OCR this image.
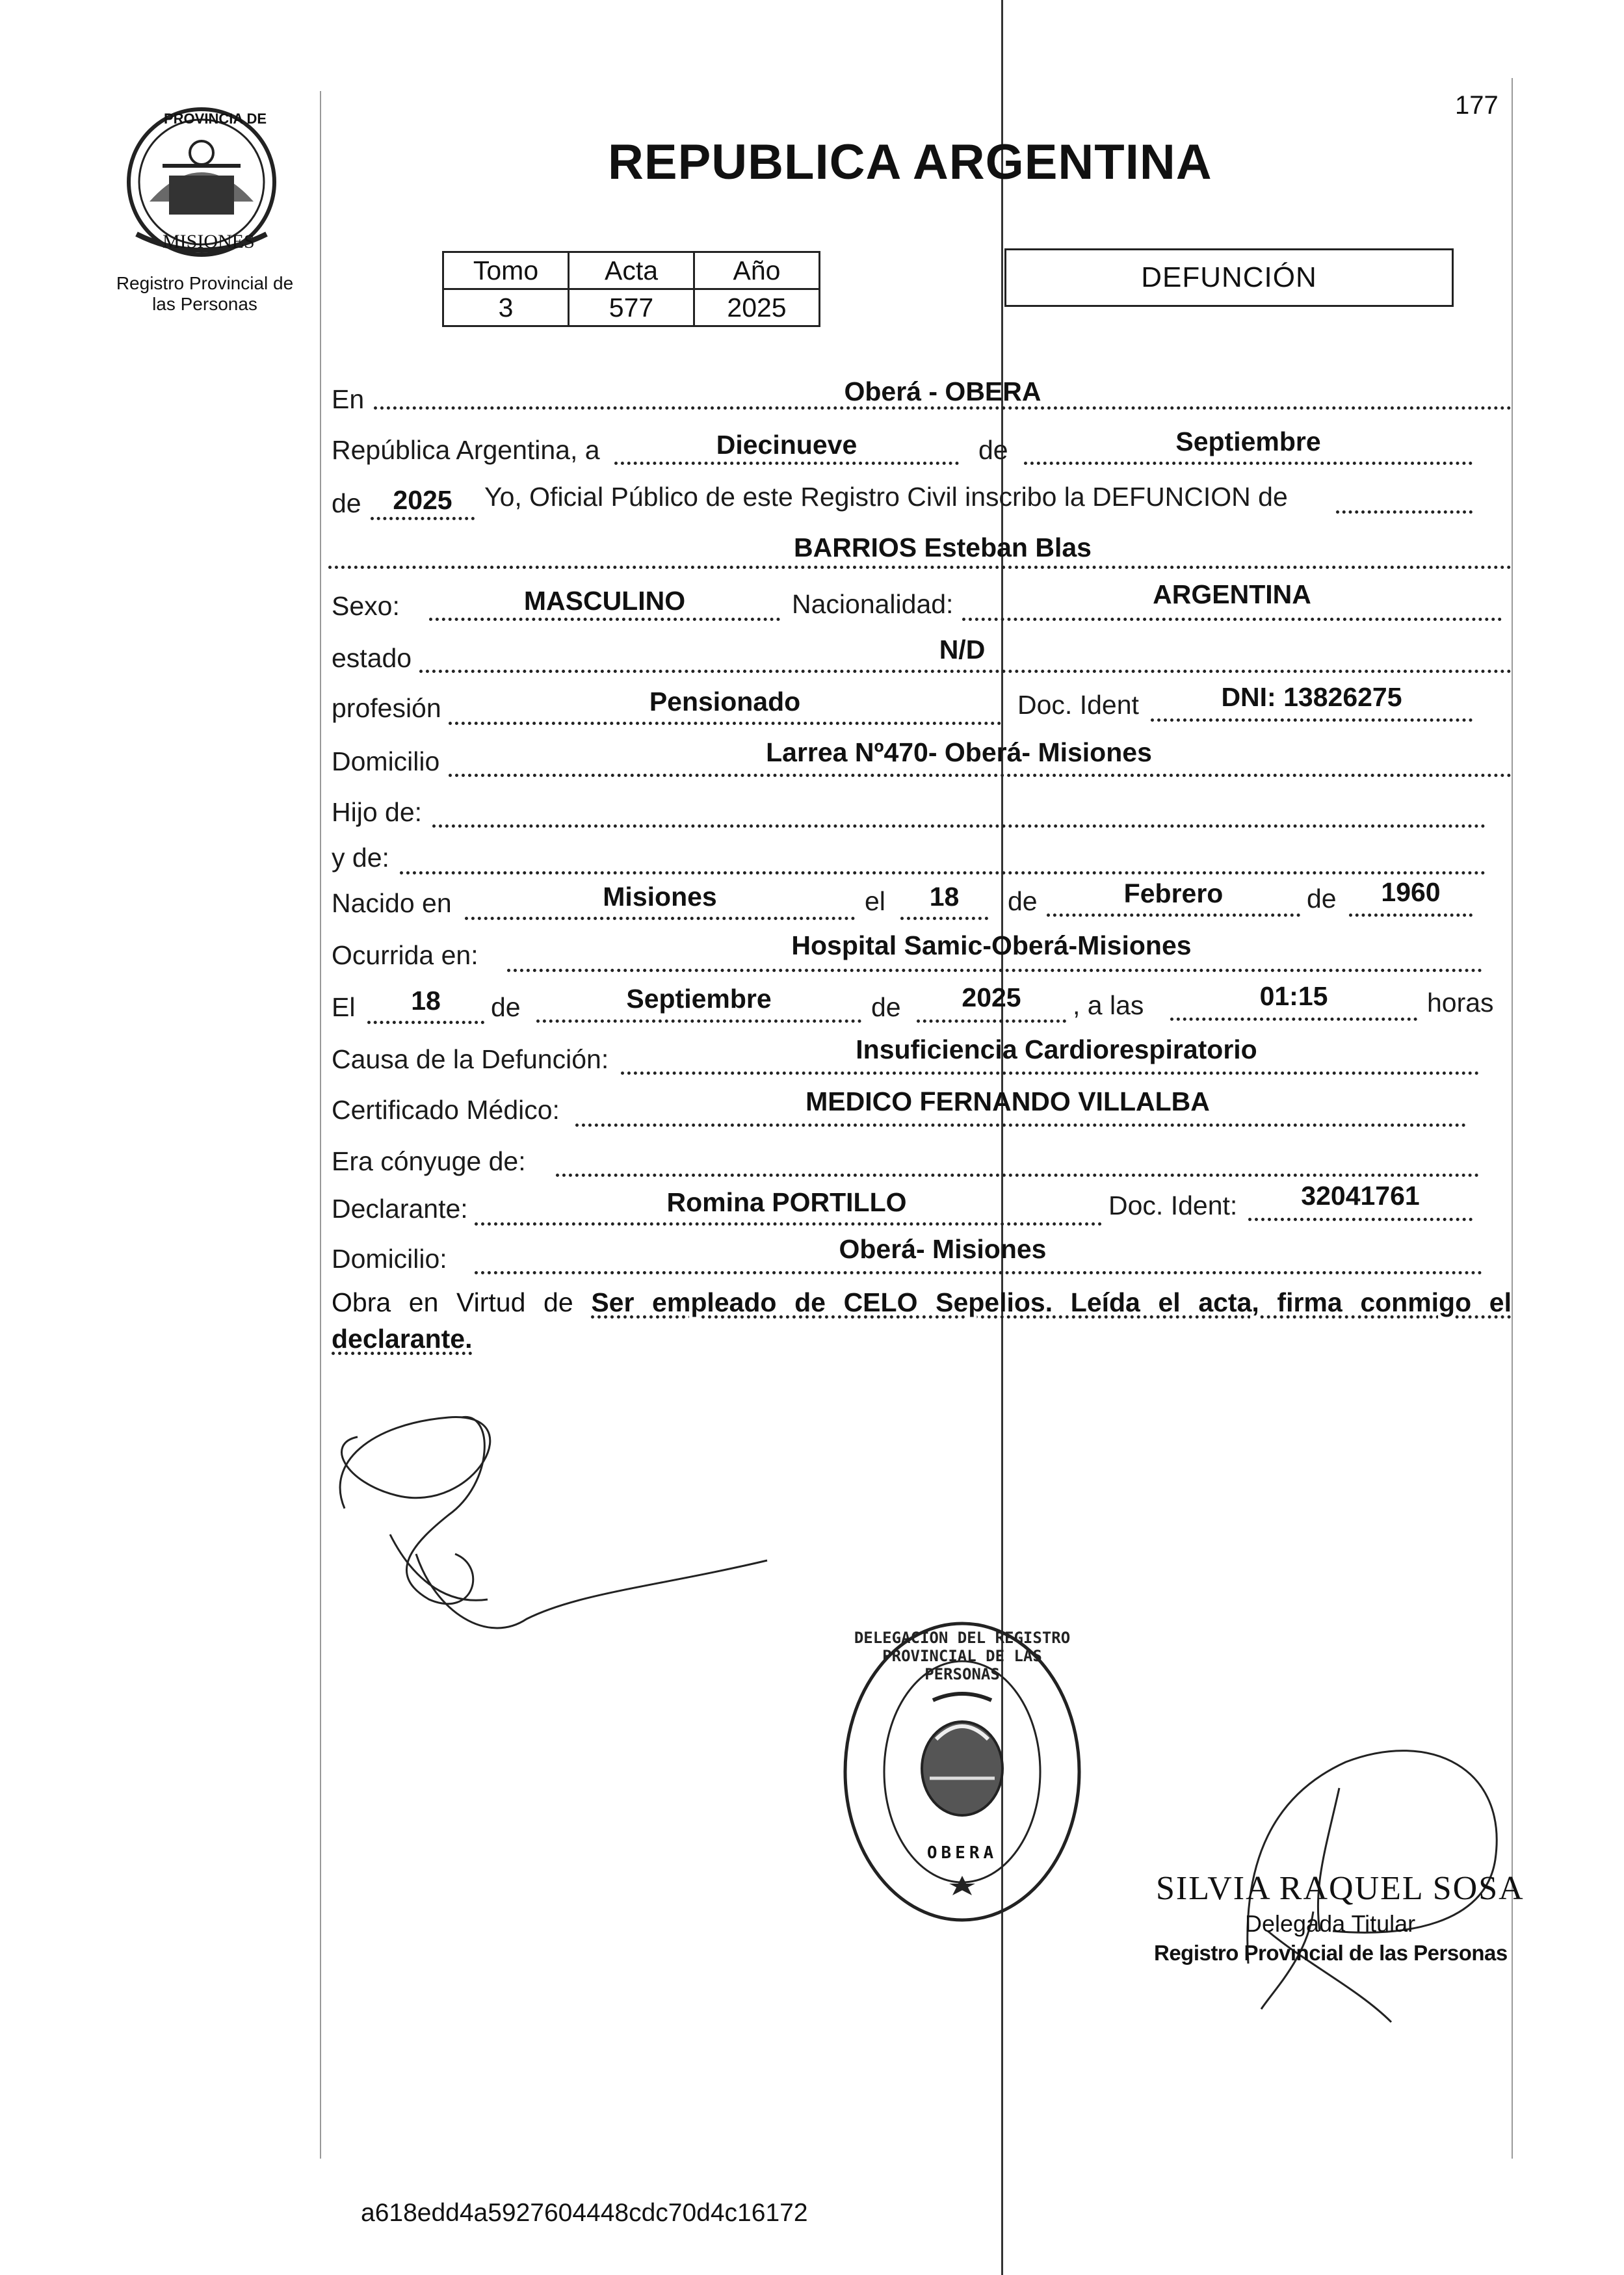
PROVINCIA DE
MISIONES
Registro Provincial de
las Personas
177
REPUBLICA ARGENTINA
Tomo	Acta	Año
3	577	2025
DEFUNCIÓN
En	Oberá - OBERA
República Argentina, a	Diecinueve	de	Septiembre
de	2025	Yo, Oficial Público de este Registro Civil inscribo la DEFUNCION de
BARRIOS Esteban Blas
Sexo:	MASCULINO	Nacionalidad:	ARGENTINA
estado	N/D
profesión	Pensionado	Doc. Ident	DNI: 13826275
Domicilio	Larrea Nº470- Oberá- Misiones
Hijo de:
y de:
Nacido en	Misiones	el	18	de	Febrero	de	1960
Ocurrida en:	Hospital Samic-Oberá-Misiones
El	18	de	Septiembre	de	2025	, a las	01:15	horas
Causa de la Defunción:	Insuficiencia Cardiorespiratorio
Certificado Médico:	MEDICO FERNANDO VILLALBA
Era cónyuge de:
Declarante:	Romina PORTILLO	Doc. Ident:	32041761
Domicilio:	Oberá- Misiones
Obra en Virtud de Ser empleado de CELO Sepelios. Leída el acta, firma conmigo el declarante.
DELEGACION DEL REGISTRO PROVINCIAL DE LAS PERSONAS
OBERA
SILVIA RAQUEL SOSA
Delegada Titular
Registro Provincial de las Personas
a618edd4a5927604448cdc70d4c16172
